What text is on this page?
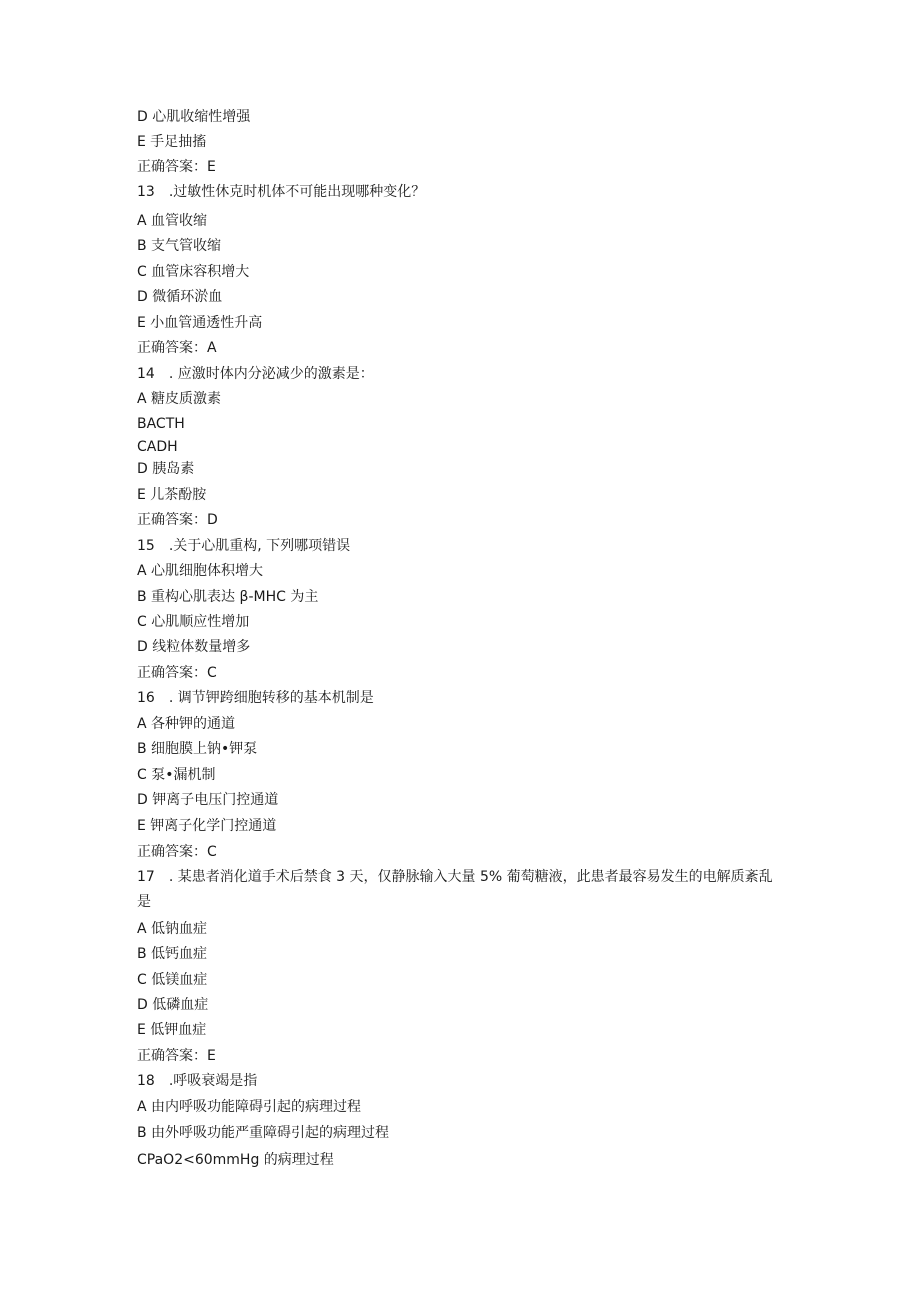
D 心肌收缩性增强
E 手足抽搐
正确答案：E
13　.过敏性休克时机体不可能出现哪种变化？
A 血管收缩
B 支气管收缩
C 血管床容积增大
D 微循环淤血
E 小血管通透性升高
正确答案：A
14　. 应激时体内分泌减少的激素是：
A 糖皮质激素
BACTH
CADH
D 胰岛素
E 儿茶酚胺
正确答案：D
15　.关于心肌重构, 下列哪项错误
A 心肌细胞体积增大
B 重构心肌表达 β-MHC 为主
C 心肌顺应性增加
D 线粒体数量增多
正确答案：C
16　. 调节钾跨细胞转移的基本机制是
A 各种钾的通道
B 细胞膜上钠•钾泵
C 泵•漏机制
D 钾离子电压门控通道
E 钾离子化学门控通道
正确答案：C
17　. 某患者消化道手术后禁食 3 天，仅静脉输入大量 5% 葡萄糖液，此患者最容易发生的电解质紊乱是
A 低钠血症
B 低钙血症
C 低镁血症
D 低磷血症
E 低钾血症
正确答案：E
18　.呼吸衰竭是指
A 由内呼吸功能障碍引起的病理过程
B 由外呼吸功能严重障碍引起的病理过程
CPaO2<60mmHg 的病理过程
